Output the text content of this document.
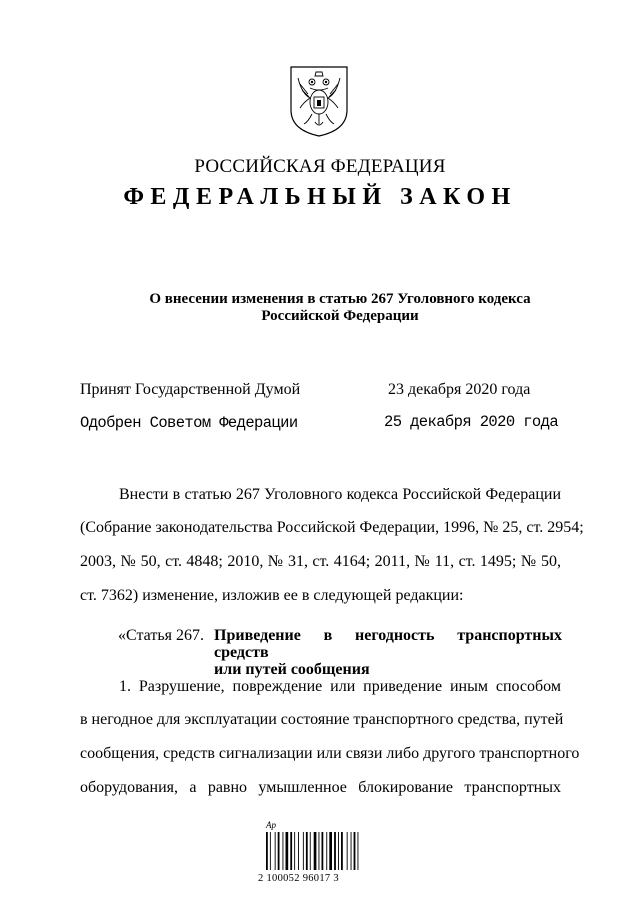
РОССИЙСКАЯ ФЕДЕРАЦИЯ
ФЕДЕРАЛЬНЫЙ ЗАКОН
О внесении изменения в статью 267 Уголовного кодекса
Российской Федерации
Принят Государственной Думой	23 декабря 2020 года
Одобрен Советом Федерации	25 декабря 2020 года
Внести в статью 267 Уголовного кодекса Российской Федерации
(Собрание законодательства Российской Федерации, 1996, № 25, ст. 2954;
2003, № 50, ст. 4848; 2010, № 31, ст. 4164; 2011, № 11, ст. 1495; № 50,
ст. 7362) изменение, изложив ее в следующей редакции:
«Статья 267. Приведение в негодность транспортных средств
или путей сообщения
1. Разрушение, повреждение или приведение иным способом
в негодное для эксплуатации состояние транспортного средства, путей
сообщения, средств сигнализации или связи либо другого транспортного
оборудования, а равно умышленное блокирование транспортных
Ар
2 100052 96017 3
